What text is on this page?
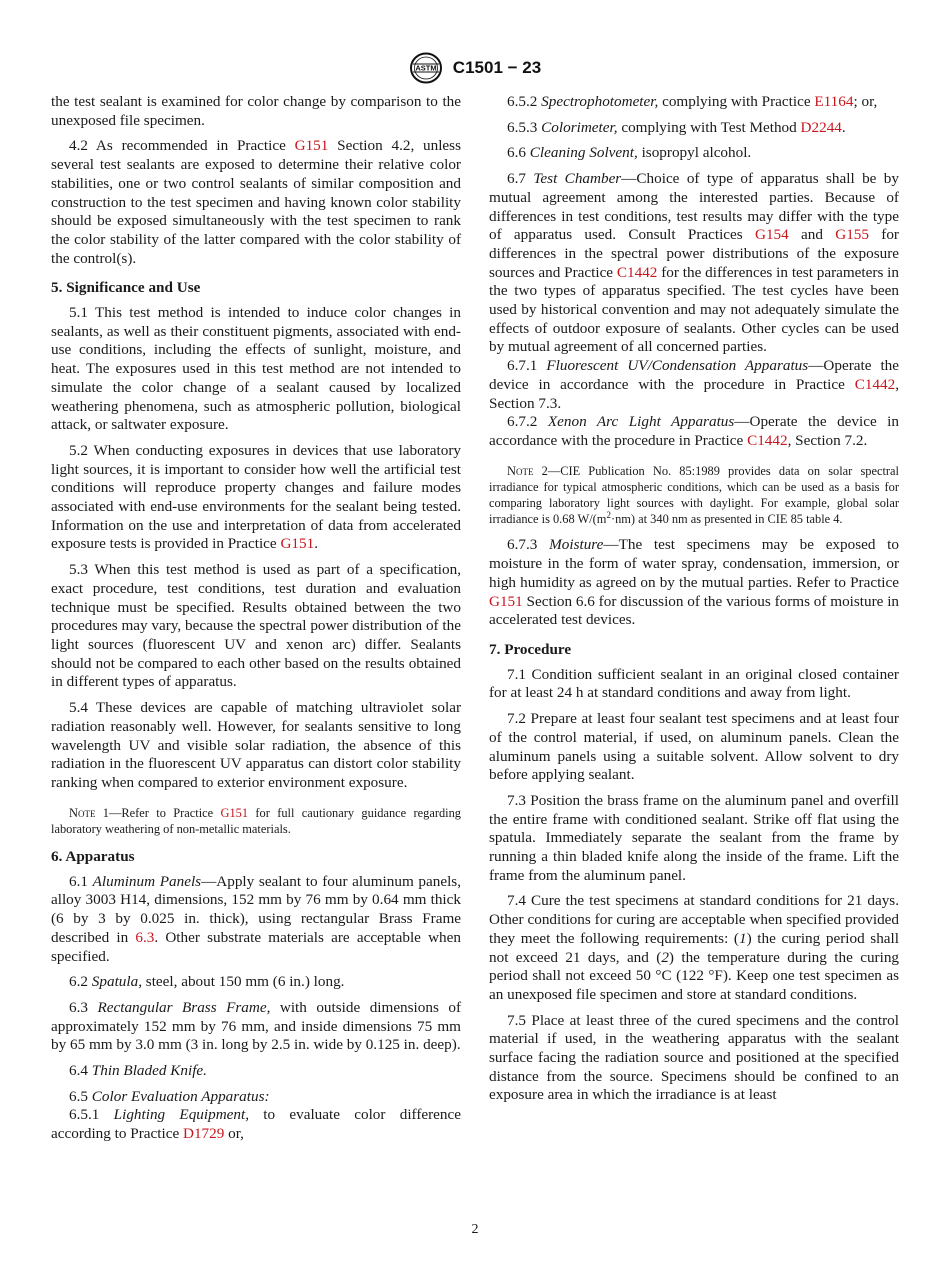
ASTM C1501 − 23

the test sealant is examined for color change by comparison to the unexposed file specimen.

4.2 As recommended in Practice G151 Section 4.2, unless several test sealants are exposed to determine their relative color stabilities, one or two control sealants of similar composition and construction to the test specimen and having known color stability should be exposed simultaneously with the test specimen to rank the color stability of the latter compared with the color stability of the control(s).

5. Significance and Use

5.1 This test method is intended to induce color changes in sealants, as well as their constituent pigments, associated with end-use conditions, including the effects of sunlight, moisture, and heat. The exposures used in this test method are not intended to simulate the color change of a sealant caused by localized weathering phenomena, such as atmospheric pollution, biological attack, or saltwater exposure.

5.2 When conducting exposures in devices that use laboratory light sources, it is important to consider how well the artificial test conditions will reproduce property changes and failure modes associated with end-use environments for the sealant being tested. Information on the use and interpretation of data from accelerated exposure tests is provided in Practice G151.

5.3 When this test method is used as part of a specification, exact procedure, test conditions, test duration and evaluation technique must be specified. Results obtained between the two procedures may vary, because the spectral power distribution of the light sources (fluorescent UV and xenon arc) differ. Sealants should not be compared to each other based on the results obtained in different types of apparatus.

5.4 These devices are capable of matching ultraviolet solar radiation reasonably well. However, for sealants sensitive to long wavelength UV and visible solar radiation, the absence of this radiation in the fluorescent UV apparatus can distort color stability ranking when compared to exterior environment exposure.

Note 1—Refer to Practice G151 for full cautionary guidance regarding laboratory weathering of non-metallic materials.
6. Apparatus

6.1 Aluminum Panels—Apply sealant to four aluminum panels, alloy 3003 H14, dimensions, 152 mm by 76 mm by 0.64 mm thick (6 by 3 by 0.025 in. thick), using rectangular Brass Frame described in 6.3. Other substrate materials are acceptable when specified.

6.2 Spatula, steel, about 150 mm (6 in.) long.

6.3 Rectangular Brass Frame, with outside dimensions of approximately 152 mm by 76 mm, and inside dimensions 75 mm by 65 mm by 3.0 mm (3 in. long by 2.5 in. wide by 0.125 in. deep).

6.4 Thin Bladed Knife.

6.5 Color Evaluation Apparatus:

6.5.1 Lighting Equipment, to evaluate color difference according to Practice D1729 or,

6.5.2 Spectrophotometer, complying with Practice E1164; or,

6.5.3 Colorimeter, complying with Test Method D2244.

6.6 Cleaning Solvent, isopropyl alcohol.

6.7 Test Chamber—Choice of type of apparatus shall be by mutual agreement among the interested parties. Because of differences in test conditions, test results may differ with the type of apparatus used. Consult Practices G154 and G155 for differences in the spectral power distributions of the exposure sources and Practice C1442 for the differences in test parameters in the two types of apparatus specified. The test cycles have been used by historical convention and may not adequately simulate the effects of outdoor exposure of sealants. Other cycles can be used by mutual agreement of all concerned parties.

6.7.1 Fluorescent UV/Condensation Apparatus—Operate the device in accordance with the procedure in Practice C1442, Section 7.3.

6.7.2 Xenon Arc Light Apparatus—Operate the device in accordance with the procedure in Practice C1442, Section 7.2.

Note 2—CIE Publication No. 85:1989 provides data on solar spectral irradiance for typical atmospheric conditions, which can be used as a basis for comparing laboratory light sources with daylight. For example, global solar irradiance is 0.68 $W/(m^2\cdot nm)$ at 340 nm as presented in CIE 85 table 4.

6.7.3 Moisture—The test specimens may be exposed to moisture in the form of water spray, condensation, immersion, or high humidity as agreed on by the mutual parties. Refer to Practice G151 Section 6.6 for discussion of the various forms of moisture in accelerated test devices.

7. Procedure

7.1 Condition sufficient sealant in an original closed container for at least 24 h at standard conditions and away from light.

7.2 Prepare at least four sealant test specimens and at least four of the control material, if used, on aluminum panels. Clean the aluminum panels using a suitable solvent. Allow solvent to dry before applying sealant.

7.3 Position the brass frame on the aluminum panel and overfill the entire frame with conditioned sealant. Strike off flat using the spatula. Immediately separate the sealant from the frame by running a thin bladed knife along the inside of the frame. Lift the frame from the aluminum panel.

7.4 Cure the test specimens at standard conditions for 21 days. Other conditions for curing are acceptable when specified provided they meet the following requirements: (1) the curing period shall not exceed 21 days, and (2) the temperature during the curing period shall not exceed 50 °C (122 °F). Keep one test specimen as an unexposed file specimen and store at standard conditions.

7.5 Place at least three of the cured specimens and the control material if used, in the weathering apparatus with the sealant surface facing the radiation source and positioned at the specified distance from the source. Specimens should be confined to an exposure area in which the irradiance is at least

2
